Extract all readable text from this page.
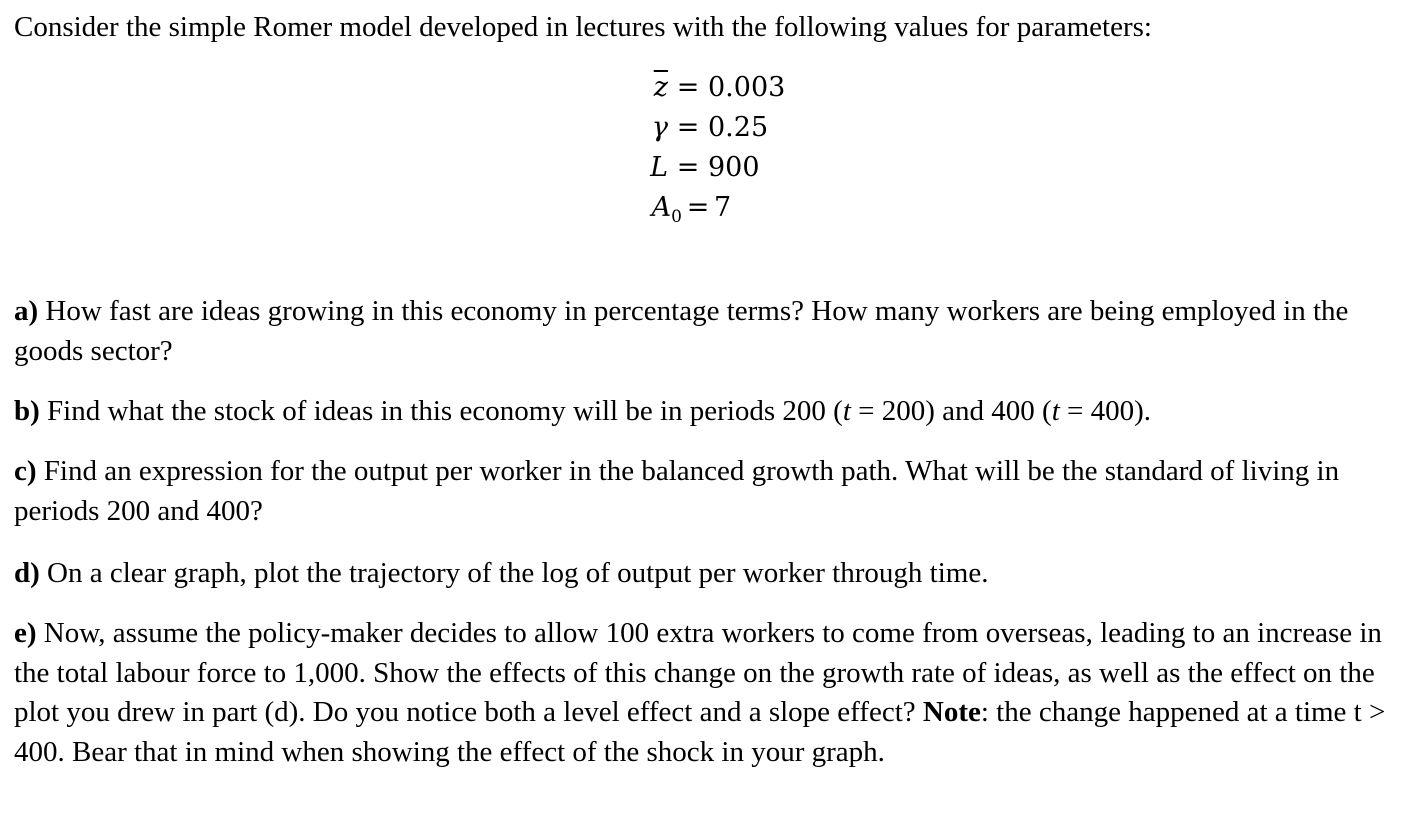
Consider the simple Romer model developed in lectures with the following values for parameters:
$\overline{z} = 0.003$
γ = 0.25
L = 900
$A_0 = 7$
a) How fast are ideas growing in this economy in percentage terms? How many workers are being employed in the goods sector?
b) Find what the stock of ideas in this economy will be in periods 200 (t = 200) and 400 (t = 400).
c) Find an expression for the output per worker in the balanced growth path. What will be the standard of living in periods 200 and 400?
d) On a clear graph, plot the trajectory of the log of output per worker through time.
e) Now, assume the policy-maker decides to allow 100 extra workers to come from overseas, leading to an increase in the total labour force to 1,000. Show the effects of this change on the growth rate of ideas, as well as the effect on the plot you drew in part (d). Do you notice both a level effect and a slope effect? Note: the change happened at a time t > 400. Bear that in mind when showing the effect of the shock in your graph.
